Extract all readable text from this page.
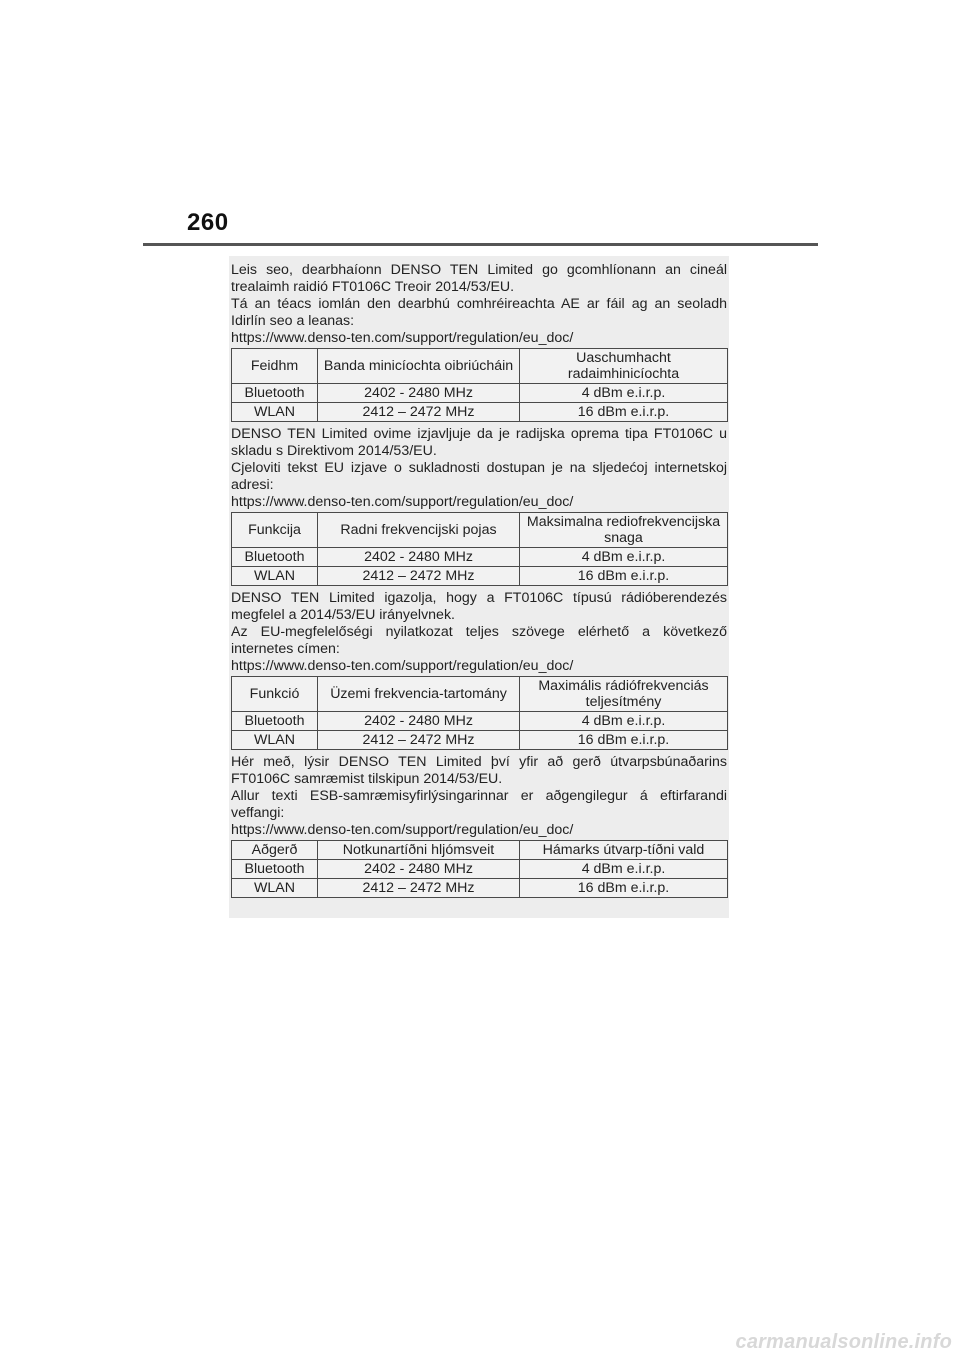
260

Leis seo, dearbhaíonn DENSO TEN Limited go gcomhlíonann an cineál trealaimh raidió FT0106C Treoir 2014/53/EU.

Tá an téacs iomlán den dearbhú comhréireachta AE ar fáil ag an seoladh Idirlín seo a leanas:

https://www.denso-ten.com/support/regulation/eu_doc/

Feidhm	Banda minicíochta oibriúcháin	Uaschumhacht radaimhinicíochta
Bluetooth	2402 - 2480 MHz	4 dBm e.i.r.p.
WLAN	2412 – 2472 MHz	16 dBm e.i.r.p.

DENSO TEN Limited ovime izjavljuje da je radijska oprema tipa FT0106C u skladu s Direktivom 2014/53/EU.

Cjeloviti tekst EU izjave o sukladnosti dostupan je na sljedećoj internetskoj adresi:

https://www.denso-ten.com/support/regulation/eu_doc/

Funkcija	Radni frekvencijski pojas	Maksimalna rediofrekvencijska snaga
Bluetooth	2402 - 2480 MHz	4 dBm e.i.r.p.
WLAN	2412 – 2472 MHz	16 dBm e.i.r.p.

DENSO TEN Limited igazolja, hogy a FT0106C típusú rádióberendezés megfelel a 2014/53/EU irányelvnek.

Az EU-megfelelőségi nyilatkozat teljes szövege elérhető a következő internetes címen:

https://www.denso-ten.com/support/regulation/eu_doc/

Funkció	Üzemi frekvencia-tartomány	Maximális rádiófrekvenciás teljesítmény
Bluetooth	2402 - 2480 MHz	4 dBm e.i.r.p.
WLAN	2412 – 2472 MHz	16 dBm e.i.r.p.

Hér með, lýsir DENSO TEN Limited því yfir að gerð útvarpsbúnaðarins FT0106C samræmist tilskipun 2014/53/EU.

Allur texti ESB-samræmisyfirlýsingarinnar er aðgengilegur á eftirfarandi veffangi:

https://www.denso-ten.com/support/regulation/eu_doc/

Aðgerð	Notkunartíðni hljómsveit	Hámarks útvarp-tíðni vald
Bluetooth	2402 - 2480 MHz	4 dBm e.i.r.p.
WLAN	2412 – 2472 MHz	16 dBm e.i.r.p.
carmanualsonline.info
